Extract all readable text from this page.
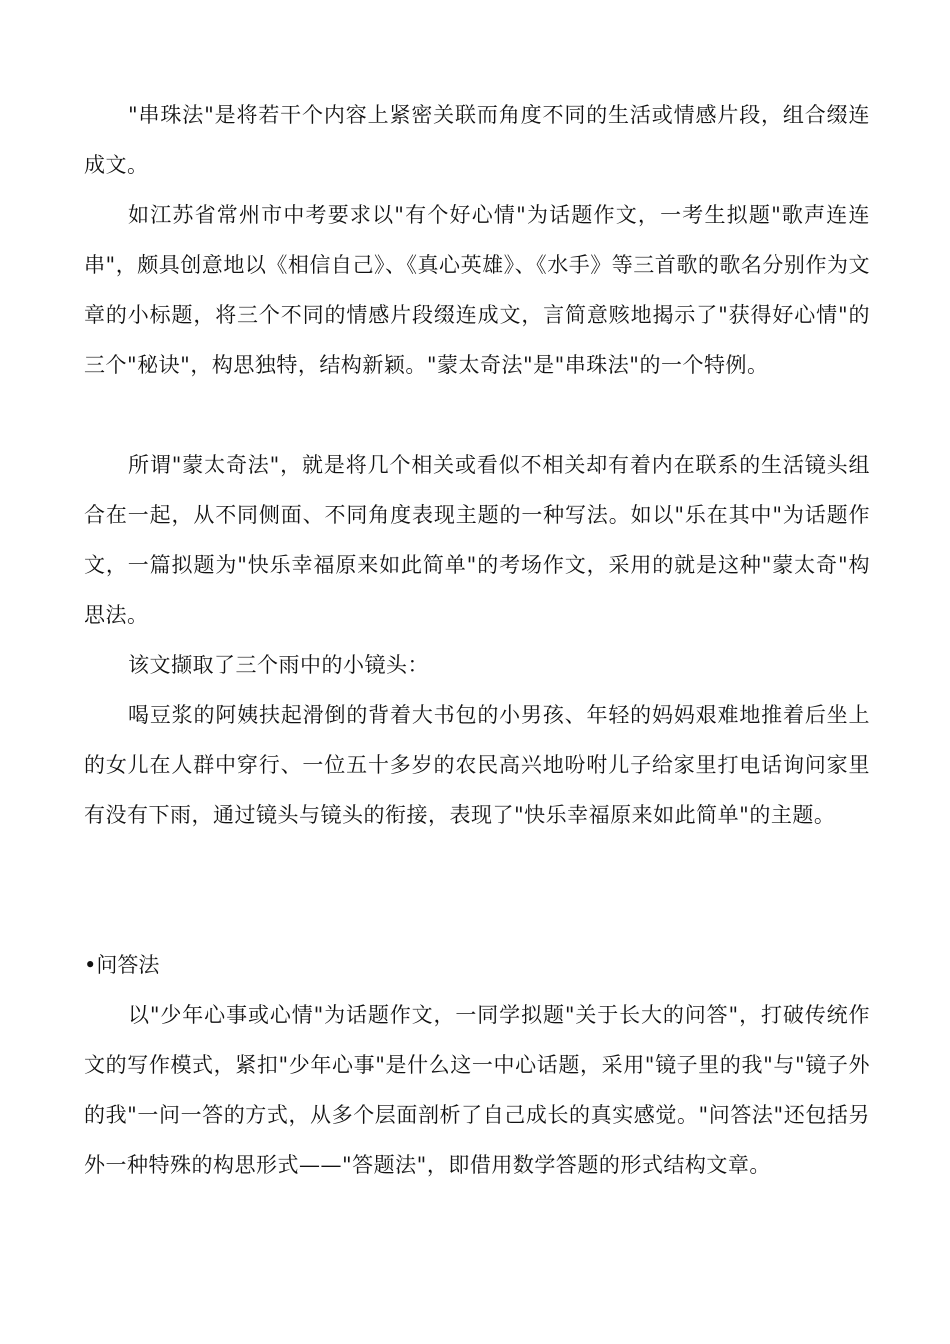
"串珠法"是将若干个内容上紧密关联而角度不同的生活或情感片段，组合缀连成文。

如江苏省常州市中考要求以"有个好心情"为话题作文，一考生拟题"歌声连连串"，颇具创意地以《相信自己》、《真心英雄》、《水手》等三首歌的歌名分别作为文章的小标题，将三个不同的情感片段缀连成文，言简意赅地揭示了"获得好心情"的三个"秘诀"，构思独特，结构新颖。"蒙太奇法"是"串珠法"的一个特例。

所谓"蒙太奇法"，就是将几个相关或看似不相关却有着内在联系的生活镜头组合在一起，从不同侧面、不同角度表现主题的一种写法。如以"乐在其中"为话题作文，一篇拟题为"快乐幸福原来如此简单"的考场作文，采用的就是这种"蒙太奇"构思法。

该文撷取了三个雨中的小镜头：

喝豆浆的阿姨扶起滑倒的背着大书包的小男孩、年轻的妈妈艰难地推着后坐上的女儿在人群中穿行、一位五十多岁的农民高兴地吩咐儿子给家里打电话询问家里有没有下雨，通过镜头与镜头的衔接，表现了"快乐幸福原来如此简单"的主题。

•问答法

以"少年心事或心情"为话题作文，一同学拟题"关于长大的问答"，打破传统作文的写作模式，紧扣"少年心事"是什么这一中心话题，采用"镜子里的我"与"镜子外的我"一问一答的方式，从多个层面剖析了自己成长的真实感觉。"问答法"还包括另外一种特殊的构思形式——"答题法"，即借用数学答题的形式结构文章。
